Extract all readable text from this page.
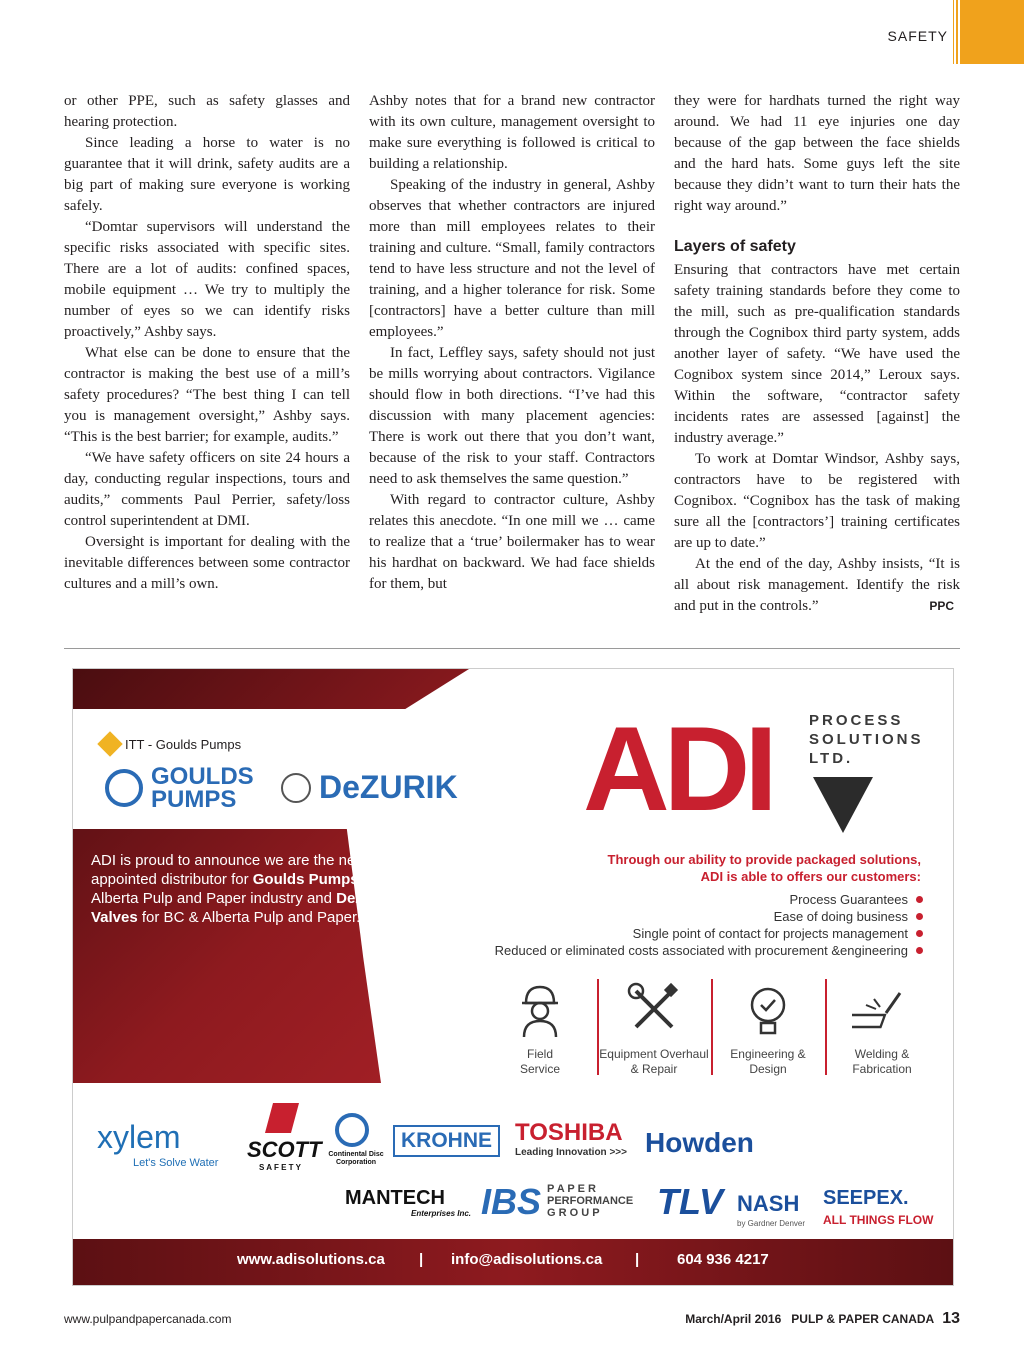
SAFETY

or other PPE, such as safety glasses and hearing protection.

Since leading a horse to water is no guarantee that it will drink, safety audits are a big part of making sure everyone is working safely.

“Domtar supervisors will understand the specific risks associated with specific sites. There are a lot of audits: confined spaces, mobile equipment … We try to multiply the number of eyes so we can identify risks proactively,” Ashby says.

What else can be done to ensure that the contractor is making the best use of a mill’s safety procedures? “The best thing I can tell you is management oversight,” Ashby says. “This is the best barrier; for example, audits.”

“We have safety officers on site 24 hours a day, conducting regular inspections, tours and audits,” comments Paul Perrier, safety/loss control superintendent at DMI.

Oversight is important for dealing with the inevitable differences between some contractor cultures and a mill’s own.

Ashby notes that for a brand new contractor with its own culture, management oversight to make sure everything is followed is critical to building a relationship.

Speaking of the industry in general, Ashby observes that whether contractors are injured more than mill employees relates to their training and culture. “Small, family contractors tend to have less structure and not the level of training, and a higher tolerance for risk. Some [contractors] have a better culture than mill employees.”

In fact, Leffley says, safety should not just be mills worrying about contractors. Vigilance should flow in both directions. “I’ve had this discussion with many placement agencies: There is work out there that you don’t want, because of the risk to your staff. Contractors need to ask themselves the same question.”

With regard to contractor culture, Ashby relates this anecdote. “In one mill we … came to realize that a ‘true’ boilermaker has to wear his hardhat on backward. We had face shields for them, but

they were for hardhats turned the right way around. We had 11 eye injuries one day because of the gap between the face shields and the hard hats. Some guys left the site because they didn’t want to turn their hats the right way around.”

Layers of safety

Ensuring that contractors have met certain safety training standards before they come to the mill, such as pre-qualification standards through the Cognibox third party system, adds another layer of safety. “We have used the Cognibox system since 2014,” Leroux says. Within the software, “contractor safety incidents rates are assessed [against] the industry average.”

To work at Domtar Windsor, Ashby says, contractors have to be registered with Cognibox. “Cognibox has the task of making sure all the [contractors’] training certificates are up to date.”

At the end of the day, Ashby insists, “It is all about risk management. Identify the risk and put in the controls.”	PPC

ITT - Goulds Pumps
GOULDS
PUMPS	DeZURIK ADI PROCESS
SOLUTIONS
LTD.
ADI is proud to announce we are the newly appointed distributor for Goulds Pumps in the Alberta Pulp and Paper industry and DeZurik Valves for BC & Alberta Pulp and Paper.
Through our ability to provide packaged solutions,
ADI is able to offers our customers:
Process Guarantees
Ease of doing business
Single point of contact for projects management
Reduced or eliminated costs associated with procurement &engineering
Field
Service
Equipment Overhaul
& Repair
Engineering &
Design
Welding &
Fabrication
xylem
Let's Solve Water
SCOTT
S A F E T Y
Continental Disc Corporation
KROHNE TOSHIBA
Leading Innovation >>> Howden
MANTECH
Enterprises Inc. IBS P A P E R
PERFORMANCE
G R O U P	TLV NASH
by Gardner Denver
SEEPEX.
ALL THINGS FLOW
www.adisolutions.ca | info@adisolutions.ca |	604 936 4217
www.pulpandpapercanada.com	March/April 2016 PULP & PAPER CANADA 13
